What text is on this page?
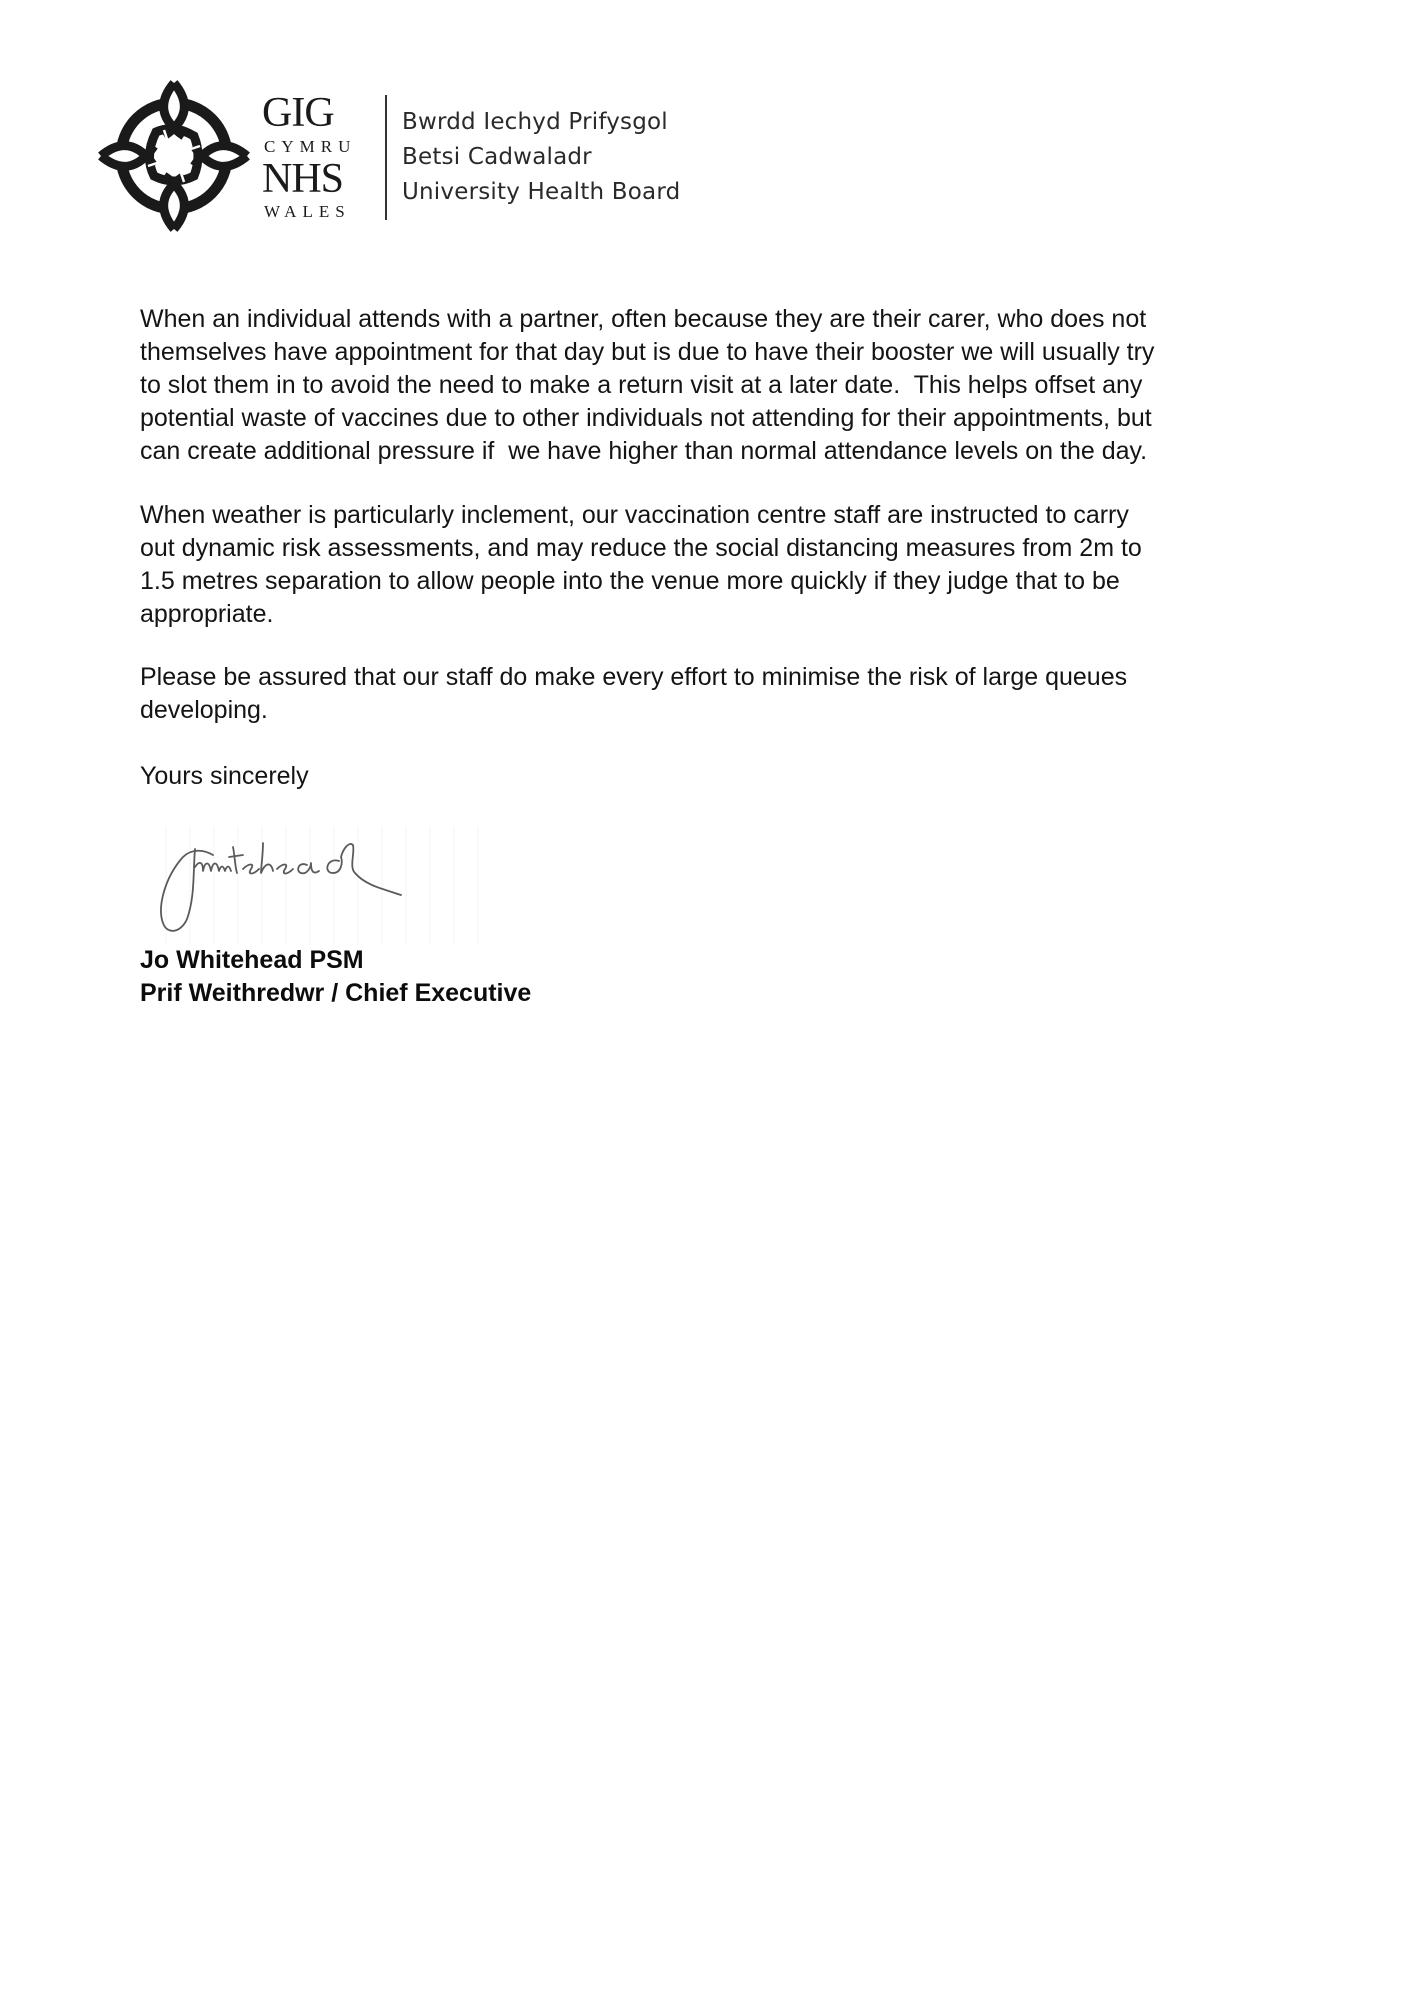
GIG
CYMRU
NHS
WALES
Bwrdd Iechyd Prifysgol
Betsi Cadwaladr
University Health Board
When an individual attends with a partner, often because they are their carer, who does not
themselves have appointment for that day but is due to have their booster we will usually try
to slot them in to avoid the need to make a return visit at a later date.  This helps offset any
potential waste of vaccines due to other individuals not attending for their appointments, but
can create additional pressure if  we have higher than normal attendance levels on the day.
When weather is particularly inclement, our vaccination centre staff are instructed to carry
out dynamic risk assessments, and may reduce the social distancing measures from 2m to
1.5 metres separation to allow people into the venue more quickly if they judge that to be
appropriate.
Please be assured that our staff do make every effort to minimise the risk of large queues
developing.
Yours sincerely
Jo Whitehead PSM
Prif Weithredwr / Chief Executive
